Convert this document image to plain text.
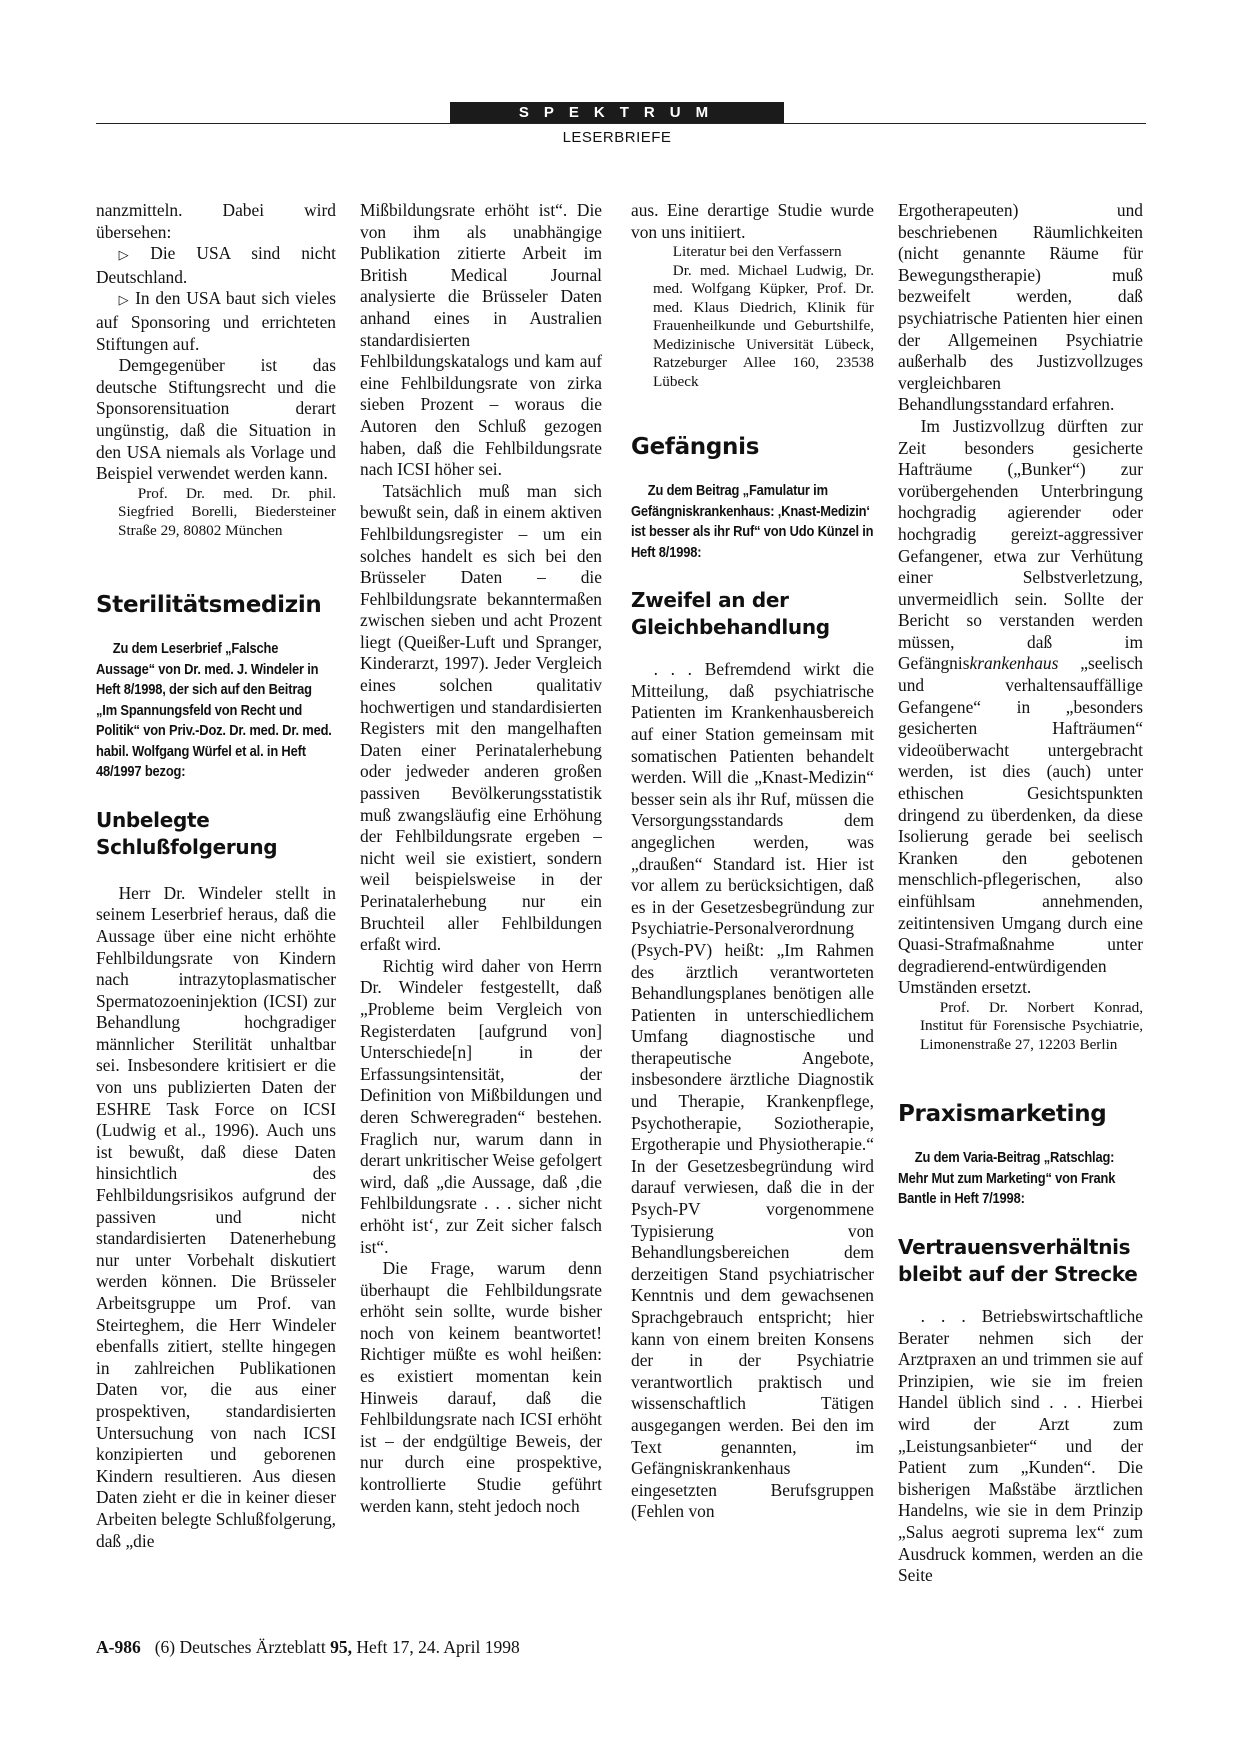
SPEKTRUM
LESERBRIEFE

nanzmitteln. Dabei wird übersehen:

▷ Die USA sind nicht Deutschland.

▷ In den USA baut sich vieles auf Sponsoring und errichteten Stiftungen auf.

Demgegenüber ist das deutsche Stiftungsrecht und die Sponsorensituation derart ungünstig, daß die Situation in den USA niemals als Vorlage und Beispiel verwendet werden kann.

Prof. Dr. med. Dr. phil. Siegfried Borelli, Biedersteiner Straße 29, 80802 München

Sterilitätsmedizin

Zu dem Leserbrief „Falsche Aussage“ von Dr. med. J. Windeler in Heft 8/1998, der sich auf den Beitrag „Im Spannungsfeld von Recht und Politik“ von Priv.-Doz. Dr. med. Dr. med. habil. Wolfgang Würfel et al. in Heft 48/1997 bezog:

Unbelegte Schlußfolgerung

Herr Dr. Windeler stellt in seinem Leserbrief heraus, daß die Aussage über eine nicht erhöhte Fehlbildungsrate von Kindern nach intrazytoplasmatischer Spermatozoeninjektion (ICSI) zur Behandlung hochgradiger männlicher Sterilität unhaltbar sei. Insbesondere kritisiert er die von uns publizierten Daten der ESHRE Task Force on ICSI (Ludwig et al., 1996). Auch uns ist bewußt, daß diese Daten hinsichtlich des Fehlbildungsrisikos aufgrund der passiven und nicht standardisierten Datenerhebung nur unter Vorbehalt diskutiert werden können. Die Brüsseler Arbeitsgruppe um Prof. van Steirteghem, die Herr Windeler ebenfalls zitiert, stellte hingegen in zahlreichen Publikationen Daten vor, die aus einer prospektiven, standardisierten Untersuchung von nach ICSI konzipierten und geborenen Kindern resultieren. Aus diesen Daten zieht er die in keiner dieser Arbeiten belegte Schlußfolgerung, daß „die

Mißbildungsrate erhöht ist“. Die von ihm als unabhängige Publikation zitierte Arbeit im British Medical Journal analysierte die Brüsseler Daten anhand eines in Australien standardisierten Fehlbildungskatalogs und kam auf eine Fehlbildungsrate von zirka sieben Prozent – woraus die Autoren den Schluß gezogen haben, daß die Fehlbildungsrate nach ICSI höher sei.

Tatsächlich muß man sich bewußt sein, daß in einem aktiven Fehlbildungsregister – um ein solches handelt es sich bei den Brüsseler Daten – die Fehlbildungsrate bekanntermaßen zwischen sieben und acht Prozent liegt (Queißer-Luft und Spranger, Kinderarzt, 1997). Jeder Vergleich eines solchen qualitativ hochwertigen und standardisierten Registers mit den mangelhaften Daten einer Perinatalerhebung oder jedweder anderen großen passiven Bevölkerungsstatistik muß zwangsläufig eine Erhöhung der Fehlbildungsrate ergeben – nicht weil sie existiert, sondern weil beispielsweise in der Perinatalerhebung nur ein Bruchteil aller Fehlbildungen erfaßt wird.

Richtig wird daher von Herrn Dr. Windeler festgestellt, daß „Probleme beim Vergleich von Registerdaten [aufgrund von] Unterschiede[n] in der Erfassungsintensität, der Definition von Mißbildungen und deren Schweregraden“ bestehen. Fraglich nur, warum dann in derart unkritischer Weise gefolgert wird, daß „die Aussage, daß ‚die Fehlbildungsrate . . . sicher nicht erhöht ist‘, zur Zeit sicher falsch ist“.

Die Frage, warum denn überhaupt die Fehlbildungsrate erhöht sein sollte, wurde bisher noch von keinem beantwortet! Richtiger müßte es wohl heißen: es existiert momentan kein Hinweis darauf, daß die Fehlbildungsrate nach ICSI erhöht ist – der endgültige Beweis, der nur durch eine prospektive, kontrollierte Studie geführt werden kann, steht jedoch noch

aus. Eine derartige Studie wurde von uns initiiert.

Literatur bei den Verfassern

Dr. med. Michael Ludwig, Dr. med. Wolfgang Küpker, Prof. Dr. med. Klaus Diedrich, Klinik für Frauenheilkunde und Geburtshilfe, Medizinische Universität Lübeck, Ratzeburger Allee 160, 23538 Lübeck

Gefängnis

Zu dem Beitrag „Famulatur im Gefängniskrankenhaus: ‚Knast-Medizin‘ ist besser als ihr Ruf“ von Udo Künzel in Heft 8/1998:

Zweifel an der Gleichbehandlung

. . . Befremdend wirkt die Mitteilung, daß psychiatrische Patienten im Krankenhausbereich auf einer Station gemeinsam mit somatischen Patienten behandelt werden. Will die „Knast-Medizin“ besser sein als ihr Ruf, müssen die Versorgungsstandards dem angeglichen werden, was „draußen“ Standard ist. Hier ist vor allem zu berücksichtigen, daß es in der Gesetzesbegründung zur Psychiatrie-Personalverordnung (Psych-PV) heißt: „Im Rahmen des ärztlich verantworteten Behandlungsplanes benötigen alle Patienten in unterschiedlichem Umfang diagnostische und therapeutische Angebote, insbesondere ärztliche Diagnostik und Therapie, Krankenpflege, Psychotherapie, Soziotherapie, Ergotherapie und Physiotherapie.“ In der Gesetzesbegründung wird darauf verwiesen, daß die in der Psych-PV vorgenommene Typisierung von Behandlungsbereichen dem derzeitigen Stand psychiatrischer Kenntnis und dem gewachsenen Sprachgebrauch entspricht; hier kann von einem breiten Konsens der in der Psychiatrie verantwortlich praktisch und wissenschaftlich Tätigen ausgegangen werden. Bei den im Text genannten, im Gefängniskrankenhaus eingesetzten Berufsgruppen (Fehlen von

Ergotherapeuten) und beschriebenen Räumlichkeiten (nicht genannte Räume für Bewegungstherapie) muß bezweifelt werden, daß psychiatrische Patienten hier einen der Allgemeinen Psychiatrie außerhalb des Justizvollzuges vergleichbaren Behandlungsstandard erfahren.

Im Justizvollzug dürften zur Zeit besonders gesicherte Hafträume („Bunker“) zur vorübergehenden Unterbringung hochgradig agierender oder hochgradig gereizt-aggressiver Gefangener, etwa zur Verhütung einer Selbstverletzung, unvermeidlich sein. Sollte der Bericht so verstanden werden müssen, daß im Gefängniskrankenhaus „seelisch und verhaltensauffällige Gefangene“ in „besonders gesicherten Hafträumen“ videoüberwacht untergebracht werden, ist dies (auch) unter ethischen Gesichtspunkten dringend zu überdenken, da diese Isolierung gerade bei seelisch Kranken den gebotenen menschlich-pflegerischen, also einfühlsam annehmenden, zeitintensiven Umgang durch eine Quasi-Strafmaßnahme unter degradierend-entwürdigenden Umständen ersetzt.

Prof. Dr. Norbert Konrad, Institut für Forensische Psychiatrie, Limonenstraße 27, 12203 Berlin

Praxismarketing

Zu dem Varia-Beitrag „Ratschlag: Mehr Mut zum Marketing“ von Frank Bantle in Heft 7/1998:

Vertrauensverhältnis bleibt auf der Strecke

. . . Betriebswirtschaftliche Berater nehmen sich der Arztpraxen an und trimmen sie auf Prinzipien, wie sie im freien Handel üblich sind . . . Hierbei wird der Arzt zum „Leistungsanbieter“ und der Patient zum „Kunden“. Die bisherigen Maßstäbe ärztlichen Handelns, wie sie in dem Prinzip „Salus aegroti suprema lex“ zum Ausdruck kommen, werden an die Seite

A-986 (6) Deutsches Ärzteblatt 95, Heft 17, 24. April 1998
